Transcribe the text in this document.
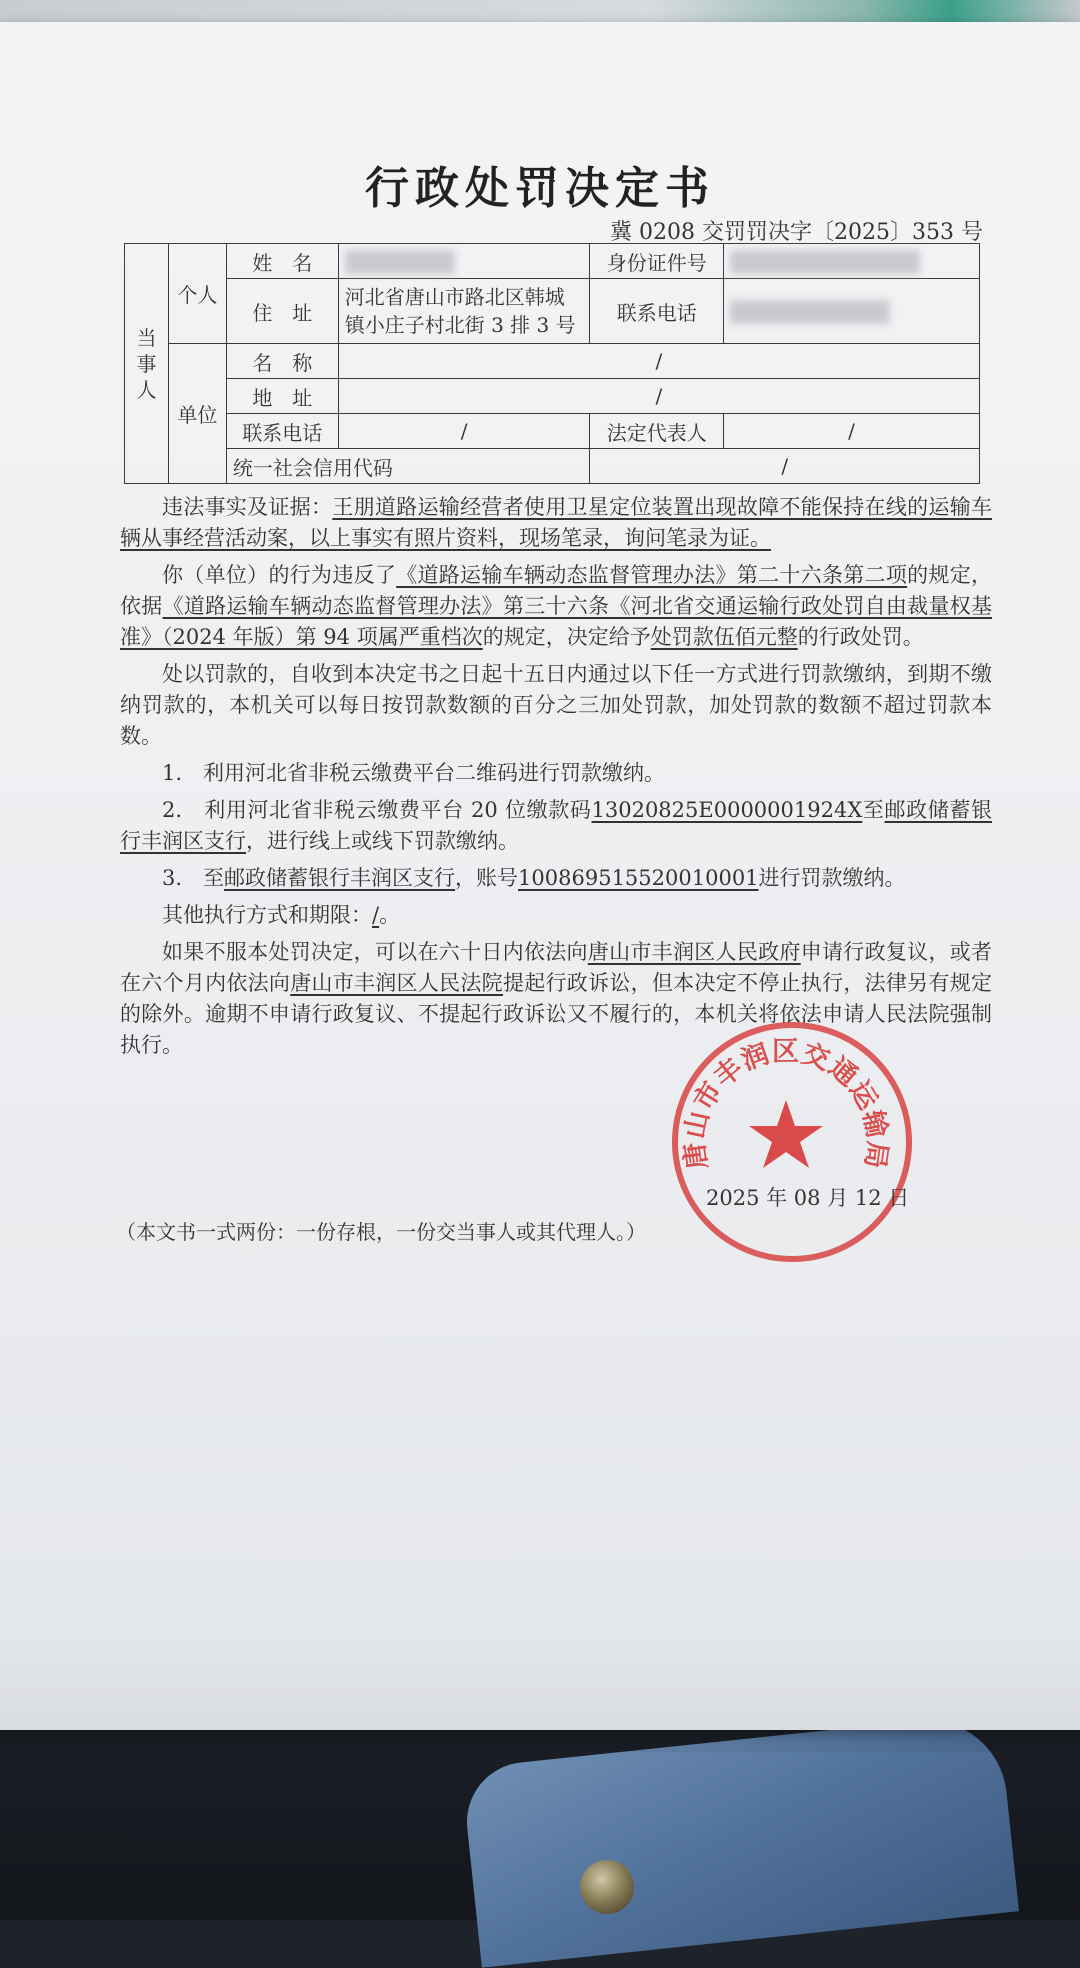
行政处罚决定书
冀 0208 交罚罚决字〔2025〕353 号
当事人	个人	姓　名		身份证件号	
		住　址	河北省唐山市路北区韩城镇小庄子村北街 3 排 3 号	联系电话	
	单位	名　称	/		
		地　址	/		
		联系电话	/	法定代表人	/
		统一社会信用代码		/	

违法事实及证据：王朋道路运输经营者使用卫星定位装置出现故障不能保持在线的运输车辆从事经营活动案，以上事实有照片资料，现场笔录，询问笔录为证。

你（单位）的行为违反了《道路运输车辆动态监督管理办法》第二十六条第二项的规定，依据《道路运输车辆动态监督管理办法》第三十六条《河北省交通运输行政处罚自由裁量权基准》（2024 年版）第 94 项属严重档次的规定，决定给予处罚款伍佰元整的行政处罚。

处以罚款的，自收到本决定书之日起十五日内通过以下任一方式进行罚款缴纳，到期不缴纳罚款的，本机关可以每日按罚款数额的百分之三加处罚款，加处罚款的数额不超过罚款本数。

1.　利用河北省非税云缴费平台二维码进行罚款缴纳。

2.　利用河北省非税云缴费平台 20 位缴款码13020825E0000001924X至邮政储蓄银行丰润区支行，进行线上或线下罚款缴纳。

3.　至邮政储蓄银行丰润区支行，账号100869515520010001进行罚款缴纳。

其他执行方式和期限：/。

如果不服本处罚决定，可以在六十日内依法向唐山市丰润区人民政府申请行政复议，或者在六个月内依法向唐山市丰润区人民法院提起行政诉讼，但本决定不停止执行，法律另有规定的除外。逾期不申请行政复议、不提起行政诉讼又不履行的，本机关将依法申请人民法院强制执行。

唐山市丰润区交通运输局
2025 年 08 月 12 日
（本文书一式两份：一份存根，一份交当事人或其代理人。）
